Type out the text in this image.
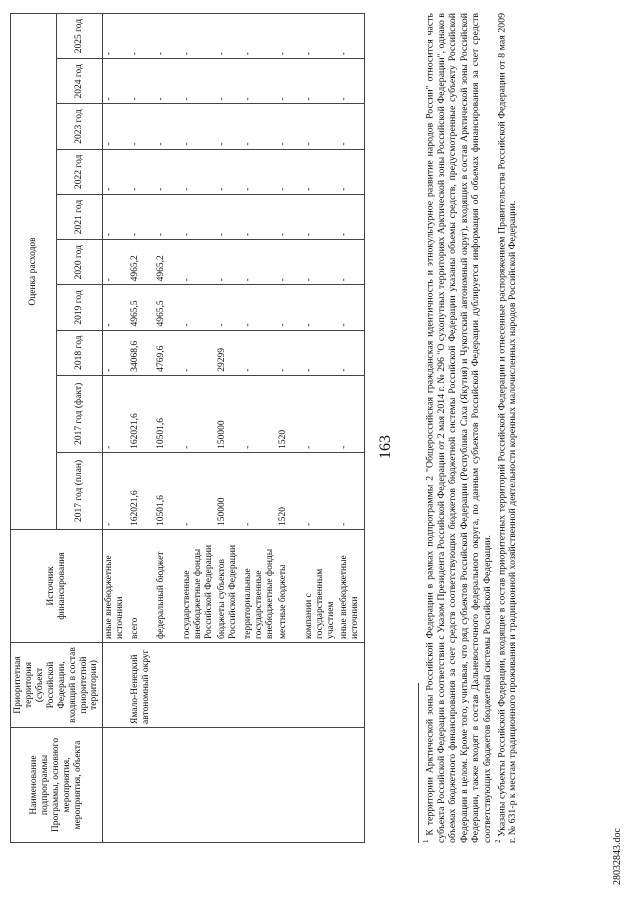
163
Наименование подпрограммы Программы, основного мероприятия, мероприятия, объекта	Приоритетная территория (субъект Российской Федерации, входящий в состав приоритетной территории)	Источник финансирования	Оценка расходов									
			2017 год (план)	2017 год (факт)	2018 год	2019 год	2020 год	2021 год	2022 год	2023 год	2024 год	2025 год
		иные внебюджетные источники	-	-	-	-	-	-	-	-	-	-
	Ямало-Ненецкий автономный округ	всего	162021,6	162021,6	34068,6	4965,5	4965,2	-	-	-	-	-
		федеральный бюджет	10501,6	10501,6	4769,6	4965,5	4965,2	-	-	-	-	-
		государственные внебюджетные фонды Российской Федерации	-	-	-	-	-	-	-	-	-	-
		бюджеты субъектов Российской Федерации	150000	150000	29299	-	-	-	-	-	-	-
		территориальные государственные внебюджетные фонды	-	-	-	-	-	-	-	-	-	-
		местные бюджеты	1520	1520	-	-	-	-	-	-	-	-
		компании с государственным участием	-	-	-	-	-	-	-	-	-	-
		иные внебюджетные источники	-	-	-	-	-	-	-	-	-	-

$^1$ К территории Арктической зоны Российской Федерации в рамках подпрограммы 2 "Общероссийская гражданская идентичность и этнокультурное развитие народов России" относится часть субъекта Российской Федерации в соответствии с Указом Президента Российской Федерации от 2 мая 2014 г. № 296 "О сухопутных территориях Арктической зоны Российской Федерации", однако в объемах бюджетного финансирования за счет средств соответствующих бюджетов бюджетной системы Российской Федерации указаны объемы средств, предусмотренные субъекту Российской Федерации в целом. Кроме того, учитывая, что ряд субъектов Российской Федерации (Республика Саха (Якутия) и Чукотский автономный округ), входящих в состав Арктической зоны Российской Федерации, также входят в состав Дальневосточного федерального округа, по данным субъектов Российской Федерации дублируется информация об объемах финансирования за счет средств соответствующих бюджетов бюджетной системы Российской Федерации. $^2$ Указаны субъекты Российской Федерации, входящие в состав приоритетных территорий Российской Федерации и отнесенные распоряжением Правительства Российской Федерации от 8 мая 2009 г. № 631-р к местам традиционного проживания и традиционной хозяйственной деятельности коренных малочисленных народов Российской Федерации.

28032843.doc
